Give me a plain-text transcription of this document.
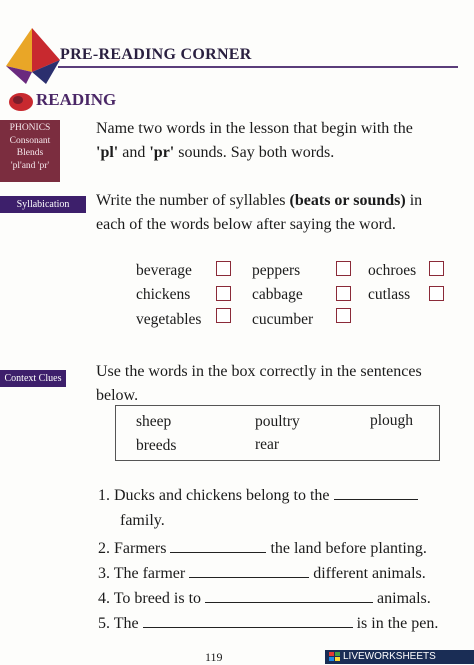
PRE-READING CORNER
READING
PHONICS
Consonant
Blends
'pl'and 'pr'
Syllabication
Context Clues
Name two words in the lesson that begin with the
'pl' and 'pr' sounds. Say both words.
Write the number of syllables (beats or sounds) in
each of the words below after saying the word.
beverage	peppers	ochroes
chickens	cabbage	cutlass
vegetables	cucumber
Use the words in the box correctly in the sentences
below.
sheep	poultry	plough
breeds	rear
1. Ducks and chickens belong to the
family.
2. Farmers	the land before planting.
3. The farmer	different animals.
4. To breed is to	animals.
5. The	is in the pen.
119	LIVEWORKSHEETS
